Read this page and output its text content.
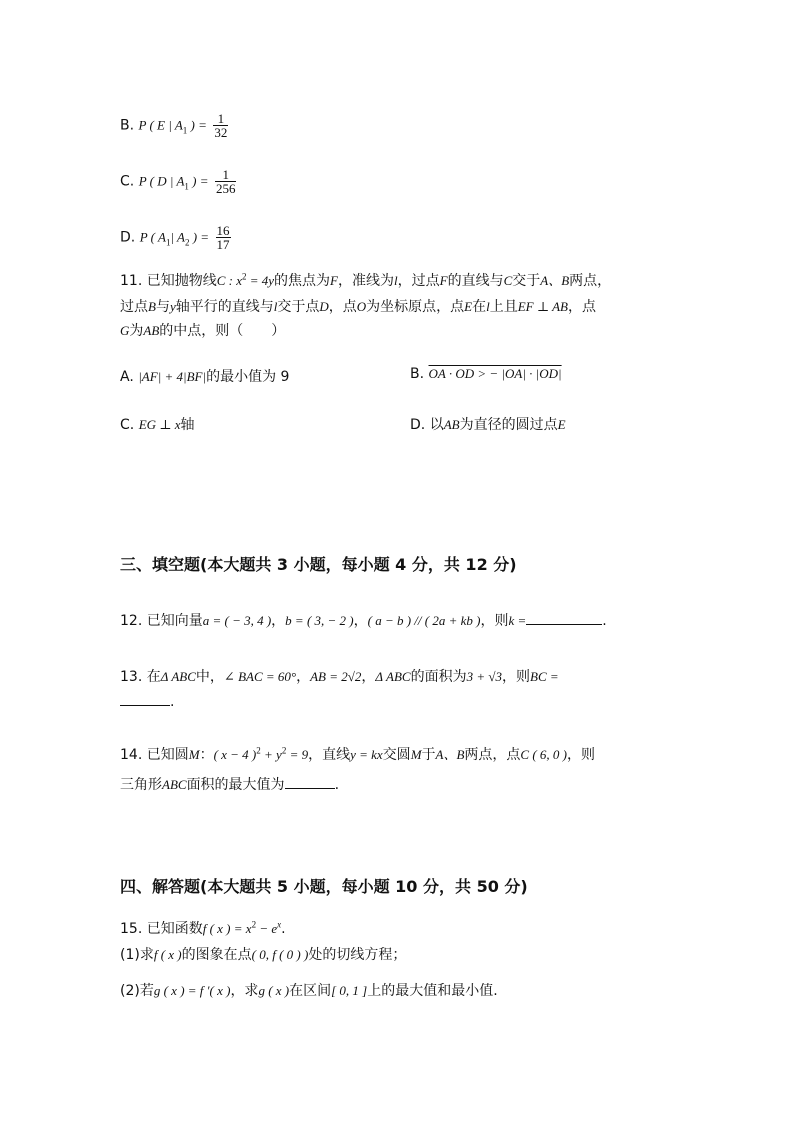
B. P ( E | $A_1$ ) = $\frac{1}{32}$
C. P ( D | $A_1$ ) = $\frac{1}{256}$
D. P ( $A_1|$ $A_2$ ) = $\frac{16}{17}$
11. 已知抛物线C : $x^2 = 4y$的焦点为F，准线为l，过点F的直线与C交于A、B两点，
过点B与y轴平行的直线与l交于点D，点O为坐标原点，点E在l上且EF ⊥ AB，点
G为AB的中点，则（　　）
A. |AF| + 4|BF|的最小值为 9	B. OA · OD > − |OA| · |OD|
C. EG ⊥ x轴	D. 以AB为直径的圆过点E
三、填空题(本大题共 3 小题，每小题 4 分，共 12 分)
12. 已知向量a = ( − 3, 4 )，b = ( 3, − 2 )，( a − b ) // ( 2a + kb )，则k =	.
13. 在Δ ABC中，∠ BAC = 60°，AB = 2√2，Δ ABC的面积为3 + √3，则BC =
.
14. 已知圆M：( x − 4 )$^2 + y^2 = 9$，直线y = kx交圆M于A、B两点，点C ( 6, 0 )，则
三角形ABC面积的最大值为	.
四、解答题(本大题共 5 小题，每小题 10 分，共 50 分)
15. 已知函数f ( x ) = $x^2 - e^x$.
(1)求f ( x )的图象在点( 0, f ( 0 ) )处的切线方程；
(2)若g ( x ) = f ′( x )，求g ( x )在区间[ 0, 1 ]上的最大值和最小值.
